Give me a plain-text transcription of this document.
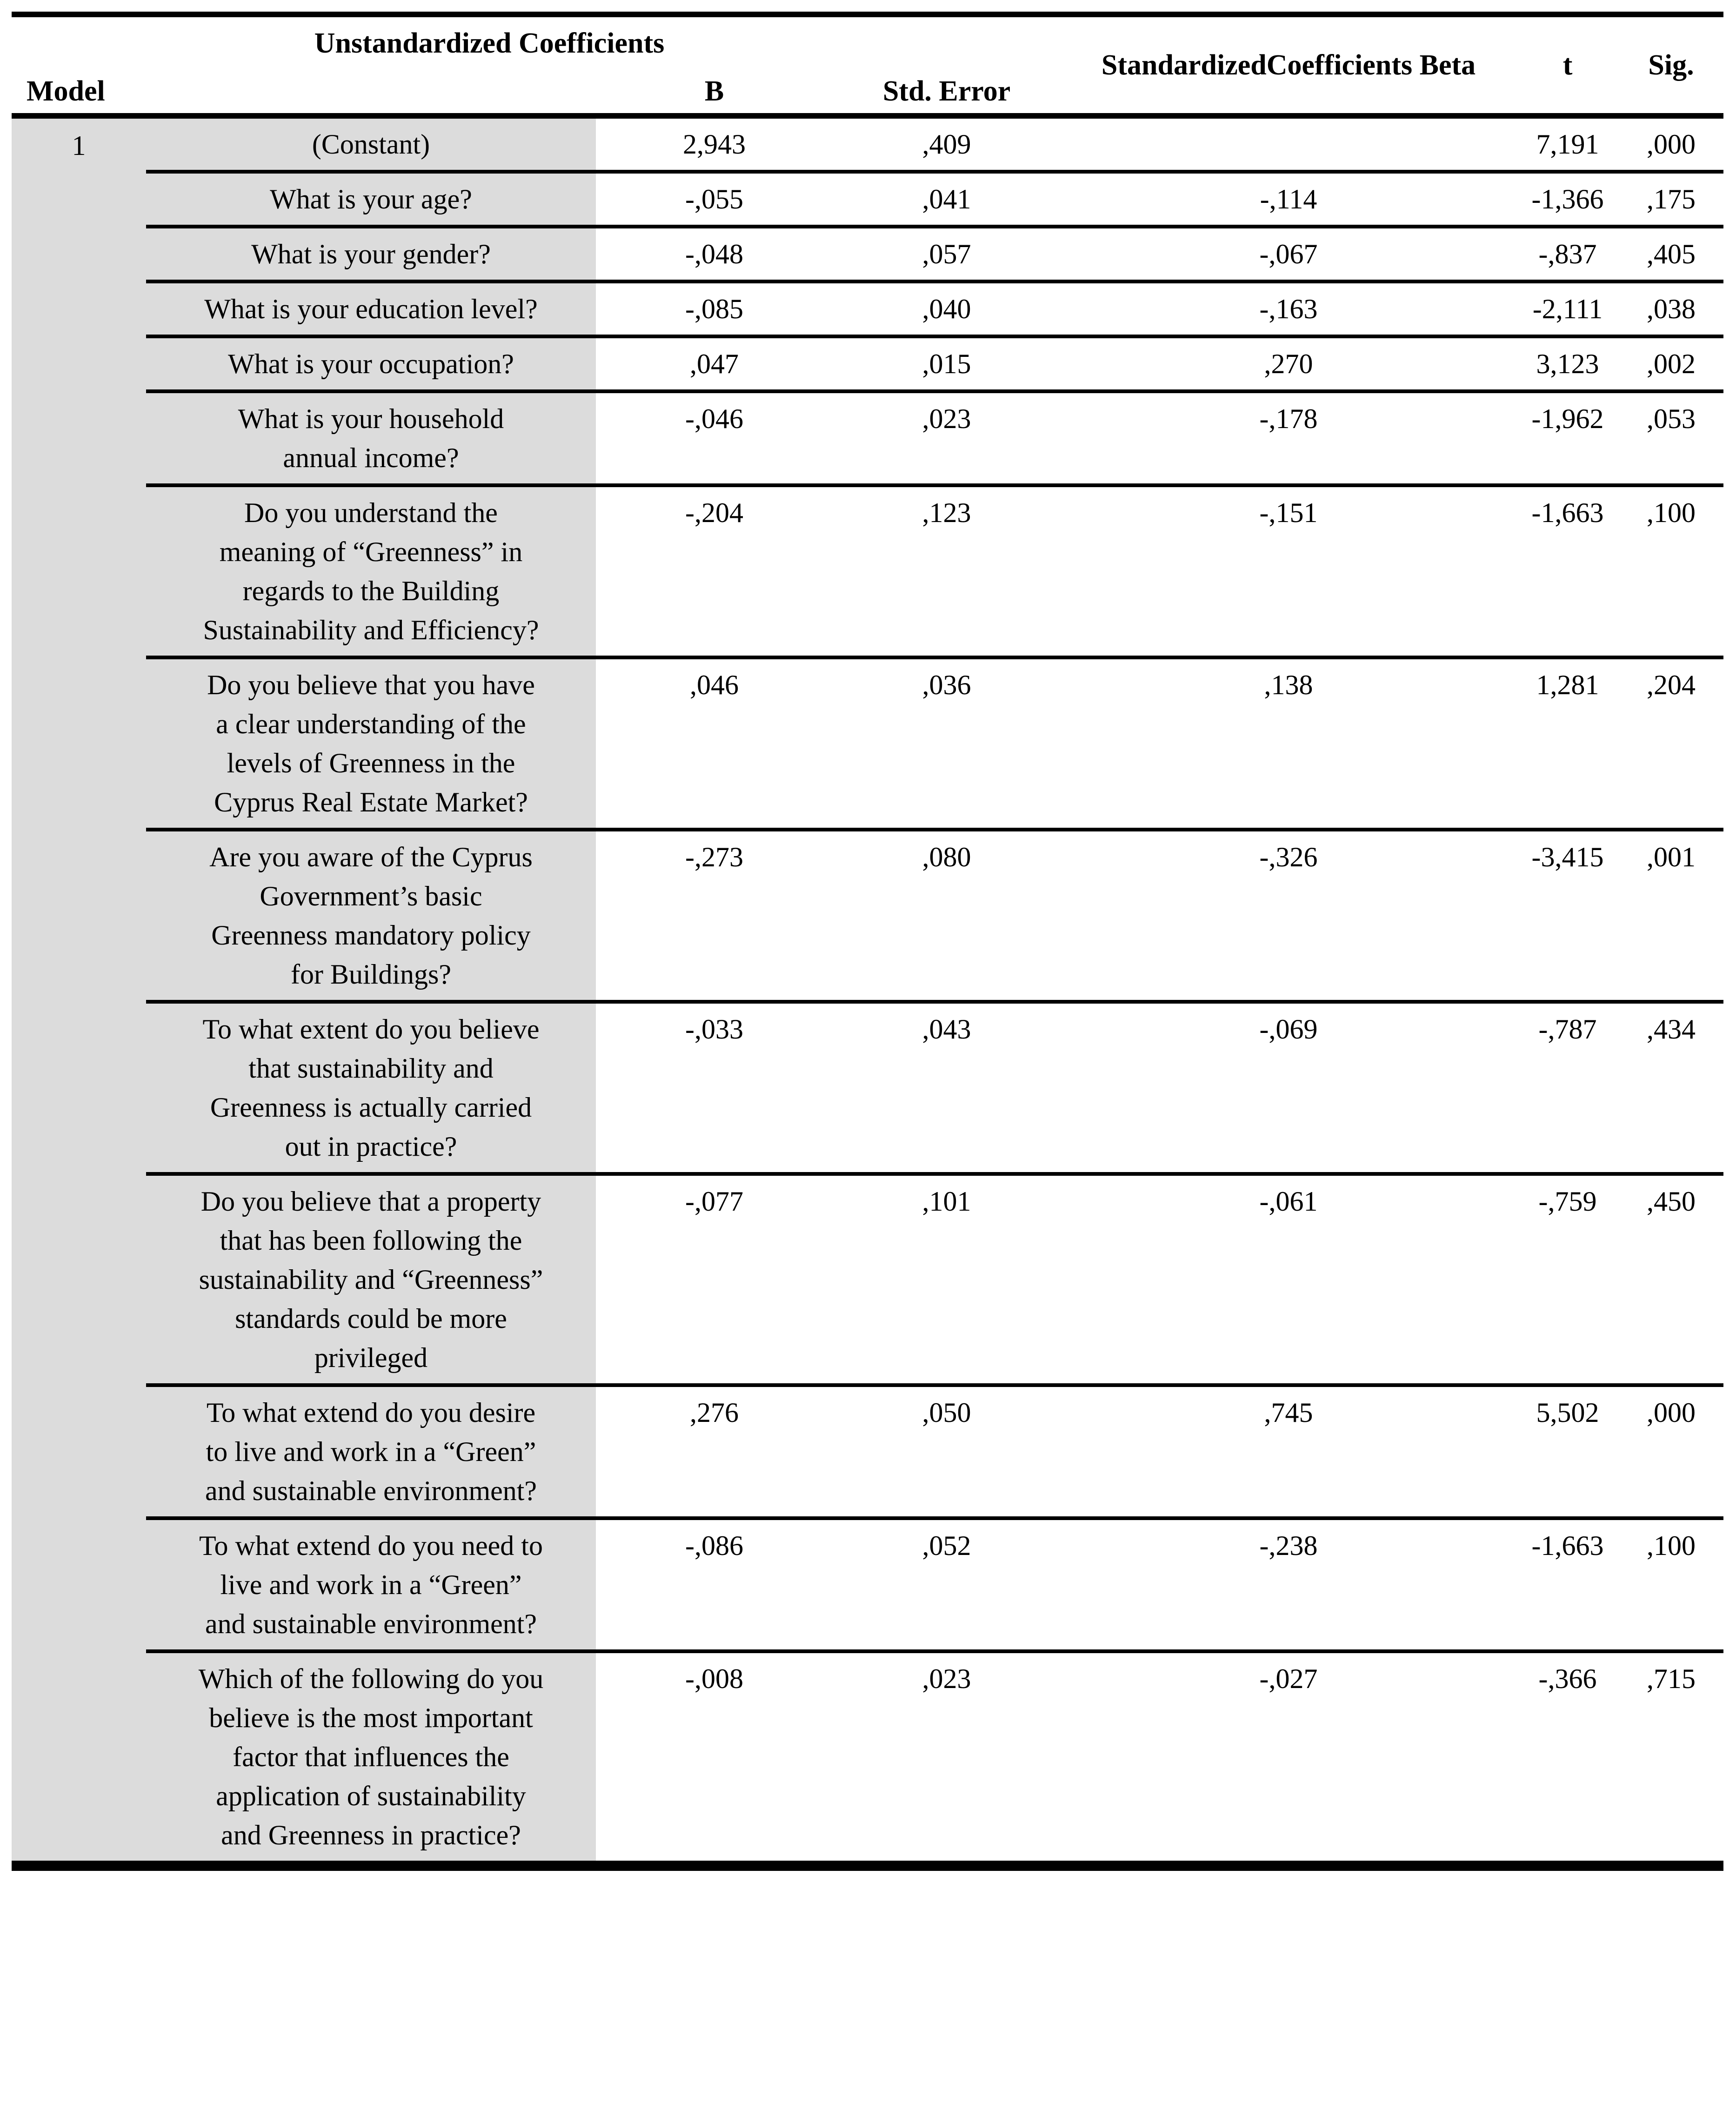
	Unstandardized Coefficients			StandardizedCoefficients Beta	t	Sig.
Model		B	Std. Error			
1	(Constant)	2,943	,409		7,191	,000
	What is your age?	-,055	,041	-,114	-1,366	,175
	What is your gender?	-,048	,057	-,067	-,837	,405
	What is your education level?	-,085	,040	-,163	-2,111	,038
	What is your occupation?	,047	,015	,270	3,123	,002
	What is your household annual income?	-,046	,023	-,178	-1,962	,053
	Do you understand the meaning of “Greenness” in regards to the Building Sustainability and Efficiency?	-,204	,123	-,151	-1,663	,100
	Do you believe that you have a clear understanding of the levels of Greenness in the Cyprus Real Estate Market?	,046	,036	,138	1,281	,204
	Are you aware of the Cyprus Government’s basic Greenness mandatory policy for Buildings?	-,273	,080	-,326	-3,415	,001
	To what extent do you believe that sustainability and Greenness is actually carried out in practice?	-,033	,043	-,069	-,787	,434
	Do you believe that a property that has been following the sustainability and “Greenness” standards could be more privileged	-,077	,101	-,061	-,759	,450
	To what extend do you desire to live and work in a “Green” and sustainable environment?	,276	,050	,745	5,502	,000
	To what extend do you need to live and work in a “Green” and sustainable environment?	-,086	,052	-,238	-1,663	,100
	Which of the following do you believe is the most important factor that influences the application of sustainability and Greenness in practice?	-,008	,023	-,027	-,366	,715
